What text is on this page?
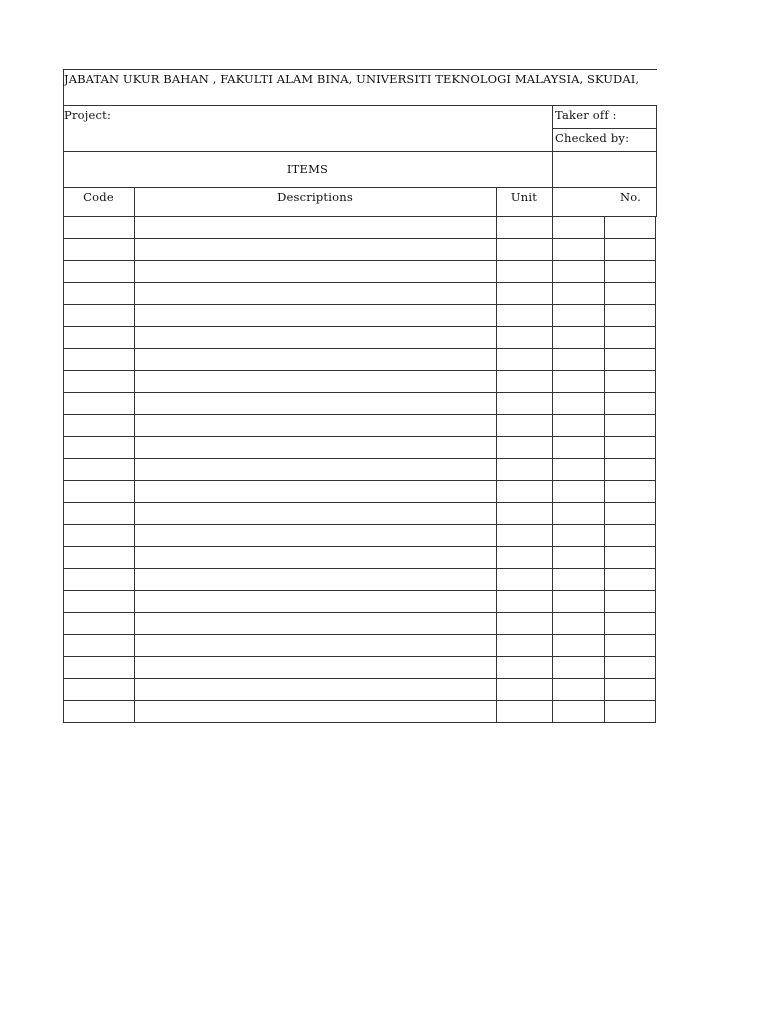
JABATAN UKUR BAHAN , FAKULTI ALAM BINA, UNIVERSITI TEKNOLOGI MALAYSIA, SKUDAI,
Project:	Taker off :
Checked by:
ITEMS
Code	Descriptions	Unit	No.
